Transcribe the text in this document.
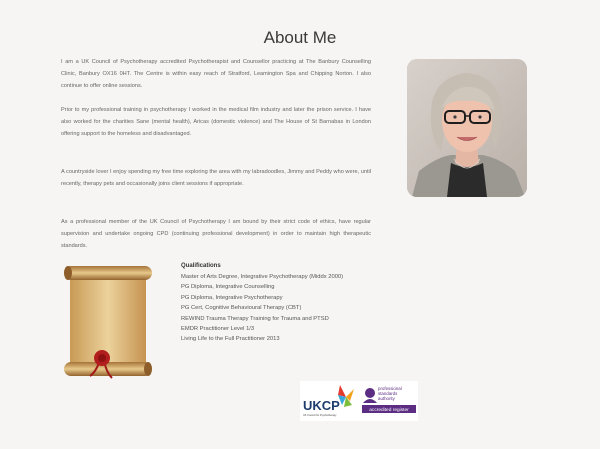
About Me

I am a UK Council of Psychotherapy accredited Psychotherapist and Counsellor practicing at The Banbury Counselling Clinic, Banbury OX16 0HT. The Centre is within easy reach of Stratford, Leamington Spa and Chipping Norton. I also continue to offer online sessions.

Prior to my professional training in psychotherapy I worked in the medical film industry and later the prison service. I have also worked for the charities Sane (mental health), Aricas (domestic violence) and The House of St Barnabas in London offering support to the homeless and disadvantaged.

A countryside lover I enjoy spending my free time exploring the area with my labradoodles, Jimmy and Peddy who were, until recently, therapy pets and occasionally joins client sessions if appropriate.

As a professional member of the UK Council of Psychotherapy I am bound by their strict code of ethics, have regular supervision and undertake ongoing CPD (continuing professional development) in order to maintain high therapeutic standards.

Qualifications
Master of Arts Degree, Integrative Psychotherapy (Middx 2000)
PG Diploma, Integrative Counselling
PG Diploma, Integrative Psychotherapy
PG Cert, Cognitive Behavioural Therapy (CBT)
REWIND Trauma Therapy Training for Trauma and PTSD
EMDR Practitioner Level 1/3
Living Life to the Full Practitioner 2013
UKCP
UK Council for Psychotherapy
professional
standards
authority
accredited register
